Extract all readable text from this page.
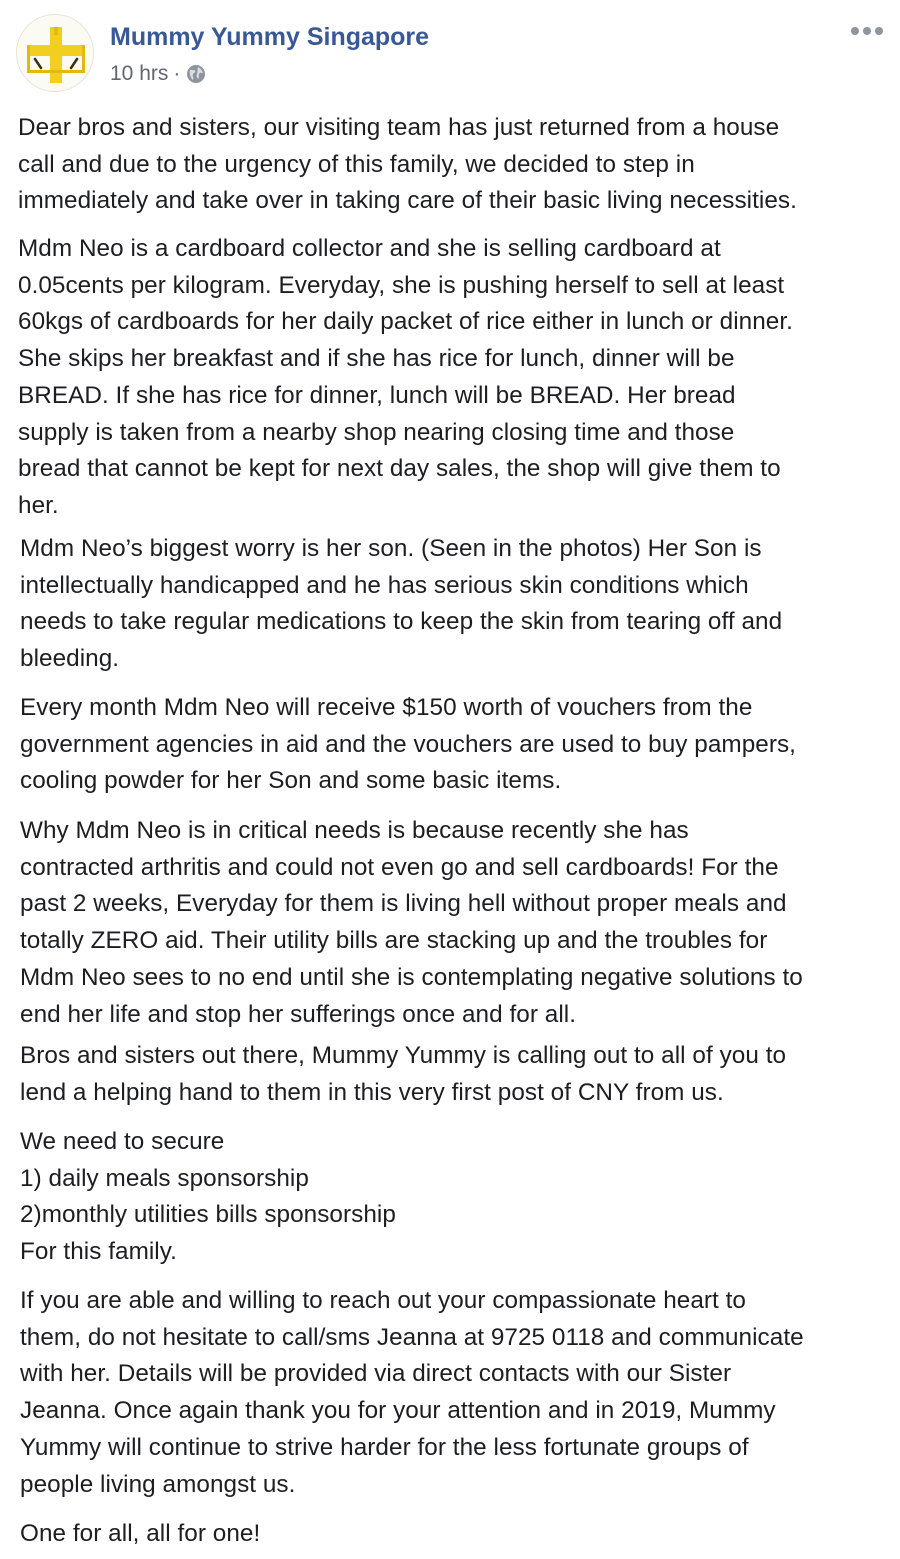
Mummy Yummy Singapore
10 hrs ·

Dear bros and sisters, our visiting team has just returned from a house
call and due to the urgency of this family, we decided to step in
immediately and take over in taking care of their basic living necessities.

Mdm Neo is a cardboard collector and she is selling cardboard at
0.05cents per kilogram. Everyday, she is pushing herself to sell at least
60kgs of cardboards for her daily packet of rice either in lunch or dinner.
She skips her breakfast and if she has rice for lunch, dinner will be
BREAD. If she has rice for dinner, lunch will be BREAD. Her bread
supply is taken from a nearby shop nearing closing time and those
bread that cannot be kept for next day sales, the shop will give them to
her.

Mdm Neo’s biggest worry is her son. (Seen in the photos) Her Son is
intellectually handicapped and he has serious skin conditions which
needs to take regular medications to keep the skin from tearing off and
bleeding.

Every month Mdm Neo will receive $150 worth of vouchers from the
government agencies in aid and the vouchers are used to buy pampers,
cooling powder for her Son and some basic items.

Why Mdm Neo is in critical needs is because recently she has
contracted arthritis and could not even go and sell cardboards! For the
past 2 weeks, Everyday for them is living hell without proper meals and
totally ZERO aid. Their utility bills are stacking up and the troubles for
Mdm Neo sees to no end until she is contemplating negative solutions to
end her life and stop her sufferings once and for all.

Bros and sisters out there, Mummy Yummy is calling out to all of you to
lend a helping hand to them in this very first post of CNY from us.

We need to secure
1) daily meals sponsorship
2)monthly utilities bills sponsorship
For this family.

If you are able and willing to reach out your compassionate heart to
them, do not hesitate to call/sms Jeanna at 9725 0118 and communicate
with her. Details will be provided via direct contacts with our Sister
Jeanna. Once again thank you for your attention and in 2019, Mummy
Yummy will continue to strive harder for the less fortunate groups of
people living amongst us.

One for all, all for one!
